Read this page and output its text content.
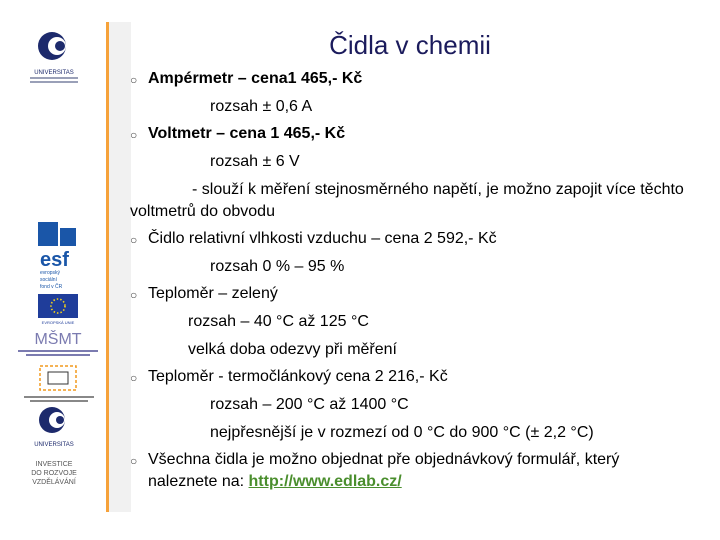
UNIVERSITAS
esf
evropský
sociální
fond v ČR
EVROPSKÁ UNIE
MŠMT
UNIVERSITAS
INVESTICE
DO ROZVOJE
VZDĚLÁVÁNÍ
Čidla v chemii
○ Ampérmetr – cena1 465,- Kč
rozsah ± 0,6 A
○ Voltmetr – cena 1 465,- Kč
rozsah ± 6 V
- slouží k měření stejnosměrného napětí, je možno zapojit více těchto voltmetrů do obvodu
○ Čidlo relativní vlhkosti vzduchu – cena 2 592,- Kč
rozsah 0 % – 95 %
○ Teploměr – zelený
rozsah – 40 °C až 125 °C
velká doba odezvy při měření
○ Teploměr - termočlánkový cena 2 216,- Kč
rozsah – 200 °C až 1400 °C
nejpřesnější je v rozmezí od 0 °C do 900 °C (± 2,2 °C)
○ Všechna čidla je možno objednat pře objednávkový formulář, který naleznete na: http://www.edlab.cz/
